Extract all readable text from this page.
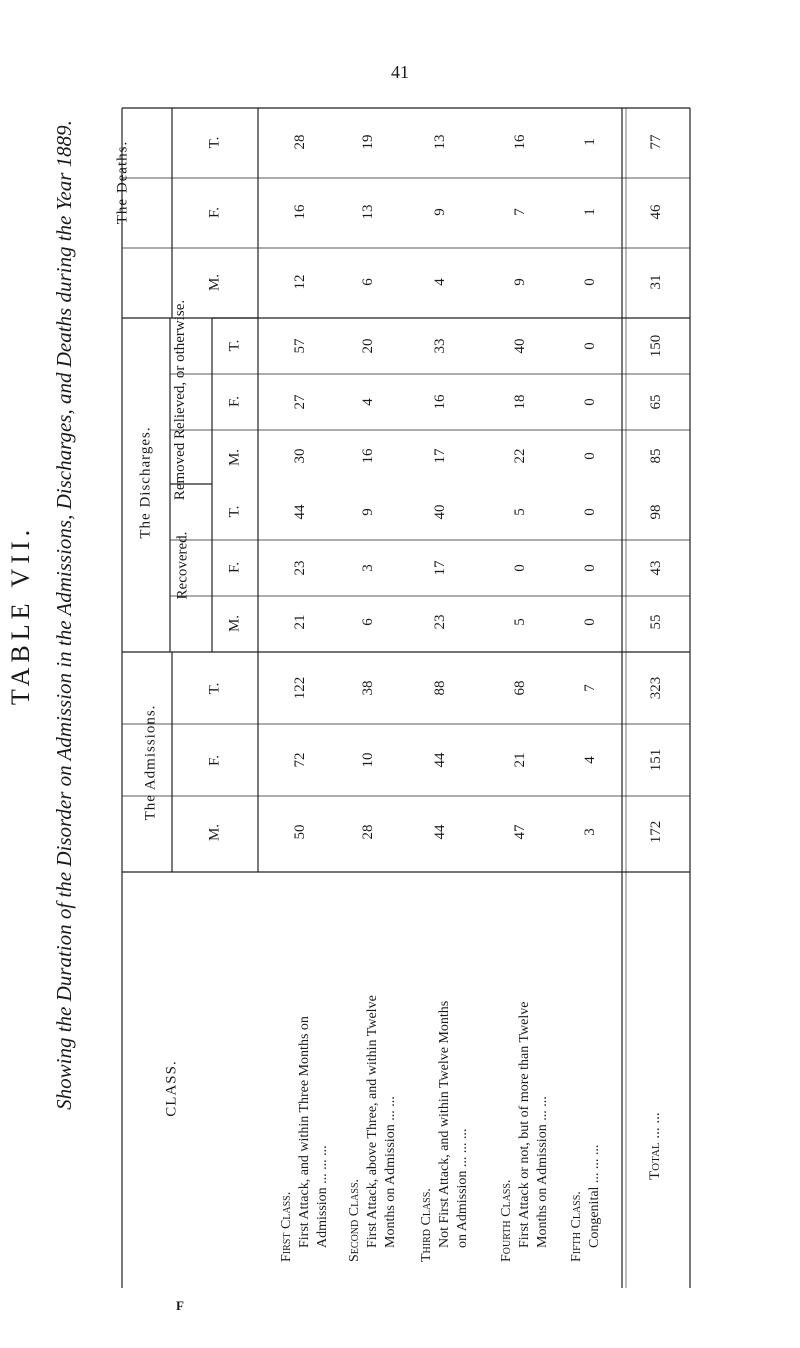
41
TABLE VII. Showing the Duration of the Disorder on Admission in the Admissions, Discharges, and Deaths during the Year 1889.	The Deaths.
The Discharges.
The Admissions.
CLASS.
Recovered.
Removed Relieved, or otherwise.
T.
F.
M.
T.
F.
M.
T.
F.
M.
T.
F.
M.	50
72
122
21
23
44
30
27
57
12
16
28
First Class. First Attack, and within Three Months on Admission ... ... ...
28
10
38
6
3
9
16
4
20
6
13
19
Second Class. First Attack, above Three, and within Twelve Months on Admission ... ...
44
44
88
23
17
40
17
16
33
4
9
13
Third Class. Not First Attack, and within Twelve Months on Admission ... ... ...
47
21
68
5
0
5
22
18
40
9
7
16
Fourth Class. First Attack or not, but of more than Twelve Months on Admission ... ...
3
4
7
0
0
0
0
0
0
0
1
1
Fifth Class. Congenital ... ... ...
172
151
323
55
43
98
85
65
150
31
46
77
Total ... ...
F
